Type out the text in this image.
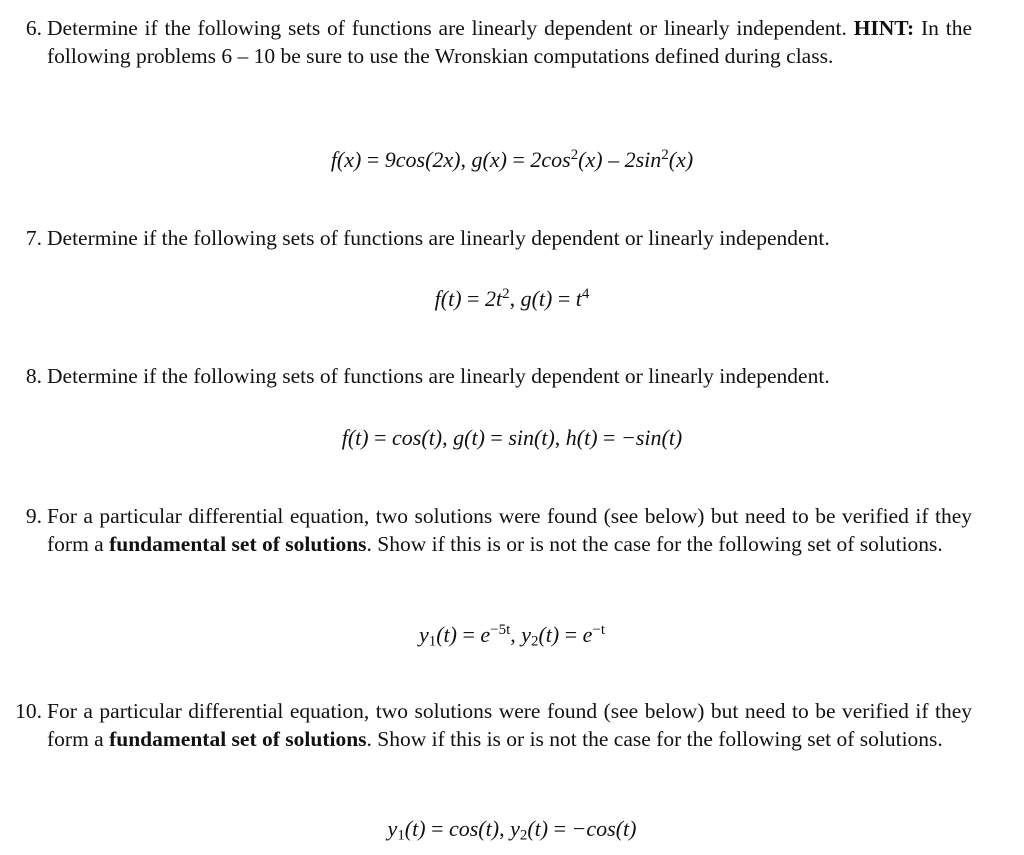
6. Determine if the following sets of functions are linearly dependent or linearly independent. HINT: In the following problems 6 – 10 be sure to use the Wronskian computations defined during class.
f(x) = 9cos(2x), $g(x) = 2\cos^2(x) - 2\sin^2(x)$
7. Determine if the following sets of functions are linearly dependent or linearly independent.
$f(t) = 2t^2$, $g(t) = t^4$
8. Determine if the following sets of functions are linearly dependent or linearly independent.
f(t) = cos(t), g(t) = sin(t), h(t) = −sin(t)
9. For a particular differential equation, two solutions were found (see below) but need to be verified if they form a fundamental set of solutions. Show if this is or is not the case for the following set of solutions.
$y_1(t) = e^{-5t}$, $y_2(t) = e^{-t}$
10. For a particular differential equation, two solutions were found (see below) but need to be verified if they form a fundamental set of solutions. Show if this is or is not the case for the following set of solutions.
$y_1(t) = \cos(t)$, $y_2(t) = -\cos(t)$
